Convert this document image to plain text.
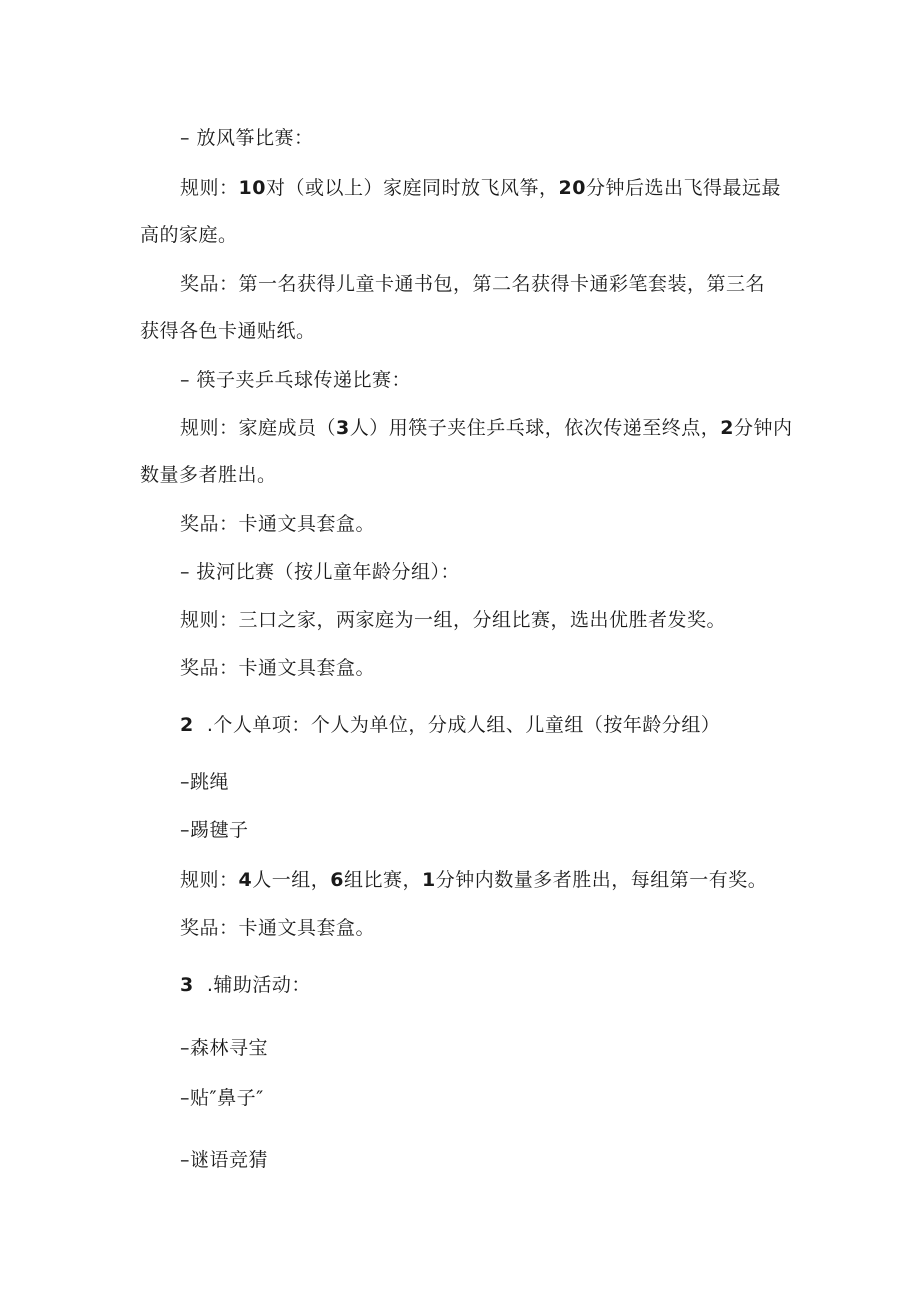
– 放风筝比赛：
规则：10对（或以上）家庭同时放飞风筝，20分钟后选出飞得最远最
高的家庭。
奖品：第一名获得儿童卡通书包，第二名获得卡通彩笔套装，第三名
获得各色卡通贴纸。
– 筷子夹乒乓球传递比赛：
规则：家庭成员（3人）用筷子夹住乒乓球，依次传递至终点，2分钟内
数量多者胜出。
奖品：卡通文具套盒。
– 拔河比赛（按儿童年龄分组）：
规则：三口之家，两家庭为一组，分组比赛，选出优胜者发奖。
奖品：卡通文具套盒。
2 .个人单项：个人为单位，分成人组、儿童组（按年龄分组）
–跳绳
–踢毽子
规则：4人一组，6组比赛，1分钟内数量多者胜出，每组第一有奖。
奖品：卡通文具套盒。
3 .辅助活动：
–森林寻宝
–贴″鼻子″
–谜语竞猜
